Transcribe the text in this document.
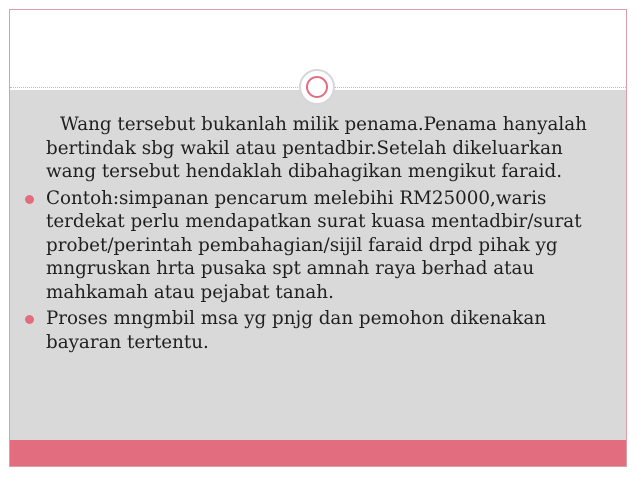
Wang tersebut bukanlah milik penama.Penama hanyalah bertindak sbg wakil atau pentadbir.Setelah dikeluarkan wang tersebut hendaklah dibahagikan mengikut faraid.

Contoh:simpanan pencarum melebihi RM25000,waris terdekat perlu mendapatkan surat kuasa mentadbir/surat probet/perintah pembahagian/sijil faraid drpd pihak yg mngruskan hrta pusaka spt amnah raya berhad atau mahkamah atau pejabat tanah.

Proses mngmbil msa yg pnjg dan pemohon dikenakan bayaran tertentu.
